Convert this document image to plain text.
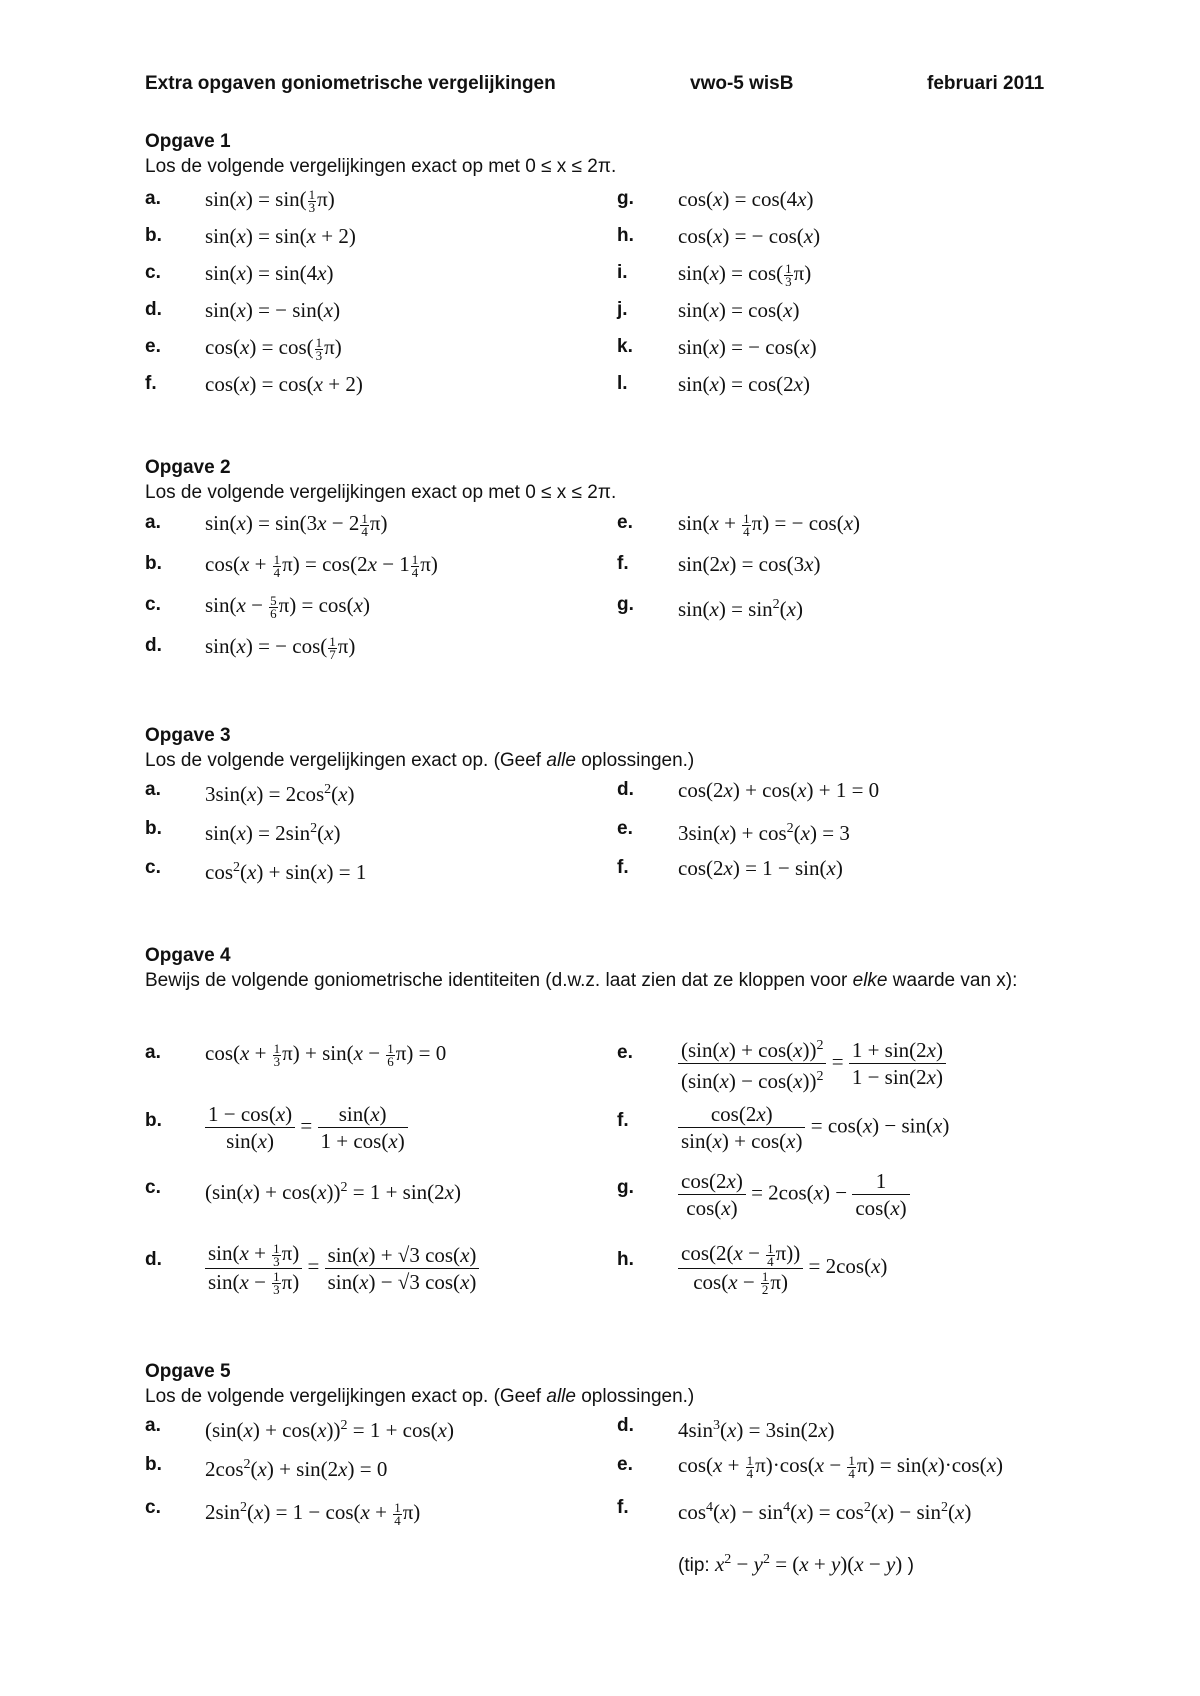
Extra opgaven goniometrische vergelijkingen	vwo-5 wisB	februari 2011
Opgave 1
Los de volgende vergelijkingen exact op met 0 ≤ x ≤ 2π.
a. $\sin(x) = \sin( \frac{1}{3} \pi)$
b. sin(x) = sin(x + 2)
c. sin(x) = sin(4x)
d. sin(x) = − sin(x)
e. $\cos(x) = \cos( \frac{1}{3} \pi)$
f. cos(x) = cos(x + 2)
g. cos(x) = cos(4x)
h. cos(x) = − cos(x)
i. $\sin(x) = \cos( \frac{1}{3} \pi)$
j. sin(x) = cos(x)
k. sin(x) = − cos(x)
l. sin(x) = cos(2x)
Opgave 2
Los de volgende vergelijkingen exact op met 0 ≤ x ≤ 2π.
a. $\sin(x) = \sin(3x - 2 \frac{1}{4} \pi)$
b. $\cos(x + \frac{1}{4} \pi) = \cos(2x - 1 \frac{1}{4} \pi)$
c. $\sin(x - \frac{5}{6} \pi) = \cos(x)$
d. sin(x) = − $\cos( \frac{1}{7} \pi)$
e. $\sin(x + \frac{1}{4} \pi)$ = − cos(x)
f. sin(2x) = cos(3x)
g. $\sin(x) = \sin^2(x)$
Opgave 3
Los de volgende vergelijkingen exact op. (Geef alle oplossingen.)
a. $3\sin(x) = 2\cos^2(x)$
b. $\sin(x) = 2\sin^2(x)$
c. $\cos^2(x) + \sin(x) = 1$
d. cos(2x) + cos(x) + 1 = 0
e. $3\sin(x) + \cos^2(x) = 3$
f. cos(2x) = 1 − sin(x)
Opgave 4
Bewijs de volgende goniometrische identiteiten (d.w.z. laat zien dat ze kloppen voor elke waarde van x):
a. $\cos(x + \frac{1}{3} \pi) + \sin(x - \frac{1}{6} \pi) = 0$
b. $\frac{1 - \cos(x)}{\sin(x)} = \frac{\sin(x)}{1 + \cos(x)}$
c. $(\sin(x) + \cos(x))^2 = 1 + \sin(2x)$
d. $\frac{\sin(x + \frac{1}{3} \pi)}{\sin(x - \frac{1}{3} \pi)} = \frac{\sin(x) + √3 \cos(x)}{\sin(x) - √3 \cos(x)}$
e. $\frac{(\sin(x) + \cos(x))^2}{(\sin(x) - \cos(x))^2} = \frac{1 + \sin(2x)}{1 - \sin(2x)}$
f. $\frac{\cos(2x)}{\sin(x) + \cos(x)} = \cos(x) - \sin(x)$
g. $\frac{\cos(2x)}{\cos(x)} = 2\cos(x) - \frac{1}{\cos(x)}$
h. $\frac{\cos(2(x - \frac{1}{4} \pi))}{\cos(x - \frac{1}{2} \pi)} = 2\cos(x)$
Opgave 5
Los de volgende vergelijkingen exact op. (Geef alle oplossingen.)
a. $(\sin(x) + \cos(x))^2 = 1 + \cos(x)$
b. $2\cos^2(x) + \sin(2x) = 0$
c. $2\sin^2(x) = 1 - \cos(x + \frac{1}{4} \pi)$
d. $4\sin^3(x) = 3\sin(2x)$
e. $\cos(x + \frac{1}{4} \pi)\cdot\cos(x - \frac{1}{4} \pi) = \sin(x)\cdot\cos(x)$
f. $\cos^4(x) - \sin^4(x) = \cos^2(x) - \sin^2(x)$
(tip: $x^2 - y^2 = (x + y)(x - y)$ )
